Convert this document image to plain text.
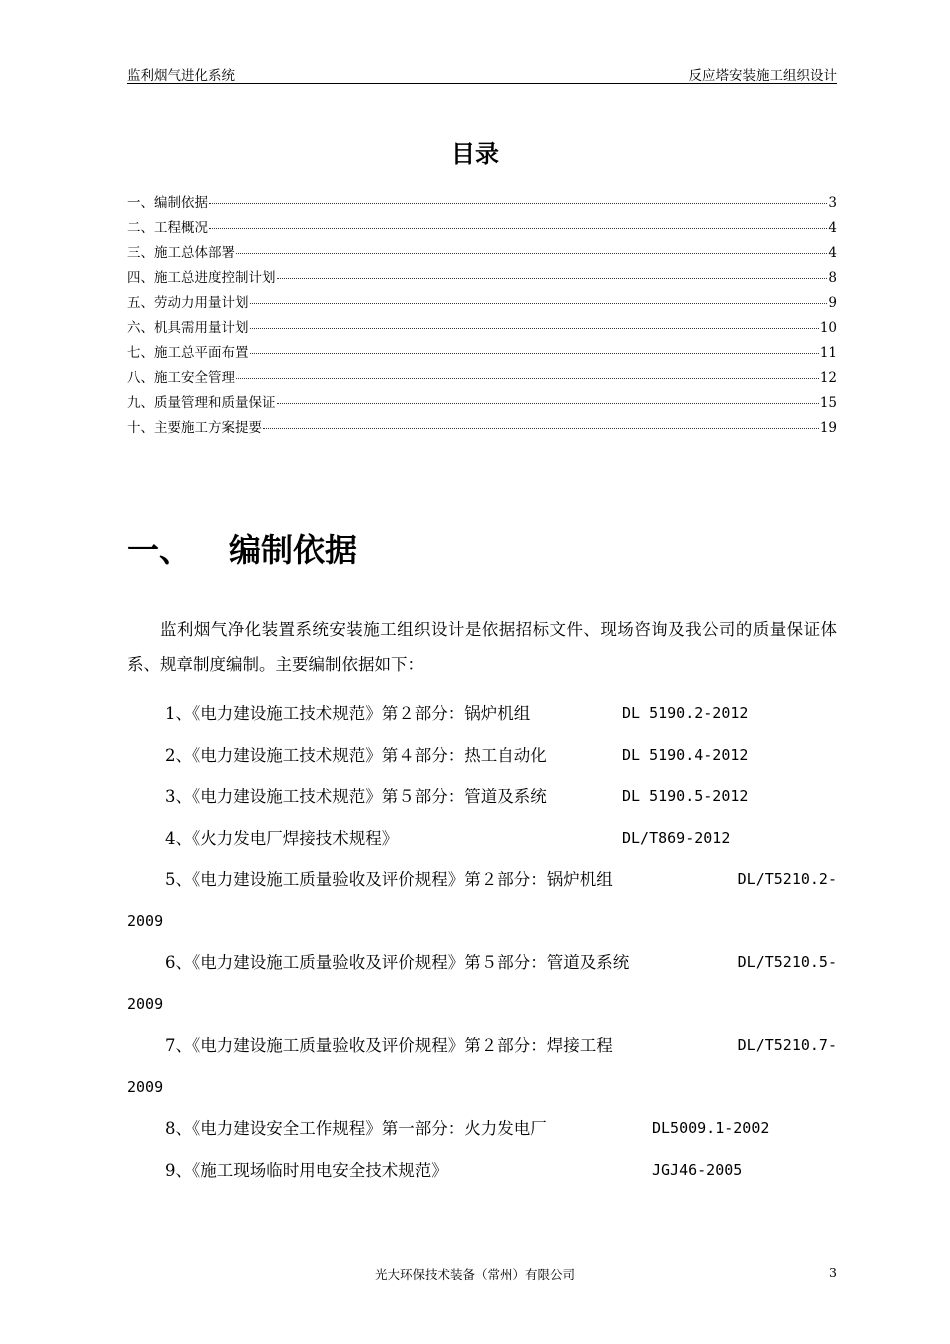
监利烟气进化系统	反应塔安装施工组织设计
目录
一、编制依据	3
二、工程概况	4
三、施工总体部署	4
四、施工总进度控制计划	8
五、劳动力用量计划	9
六、机具需用量计划	10
七、施工总平面布置	11
八、施工安全管理	12
九、质量管理和质量保证	15
十、主要施工方案提要	19
一、 编制依据
监利烟气净化装置系统安装施工组织设计是依据招标文件、现场咨询及我公司的质量保证体系、规章制度编制。主要编制依据如下：
1、《电力建设施工技术规范》第２部分：锅炉机组	DL 5190.2-2012
2、《电力建设施工技术规范》第４部分：热工自动化	DL 5190.4-2012
3、《电力建设施工技术规范》第５部分：管道及系统	DL 5190.5-2012
4、《火力发电厂焊接技术规程》	DL/T869-2012
5、《电力建设施工质量验收及评价规程》第２部分：锅炉机组	DL/T5210.2-
2009
6、《电力建设施工质量验收及评价规程》第５部分：管道及系统	DL/T5210.5-
2009
7、《电力建设施工质量验收及评价规程》第２部分：焊接工程	DL/T5210.7-
2009
8、《电力建设安全工作规程》第一部分：火力发电厂	DL5009.1-2002
9、《施工现场临时用电安全技术规范》	JGJ46-2005
光大环保技术装备（常州）有限公司	3
